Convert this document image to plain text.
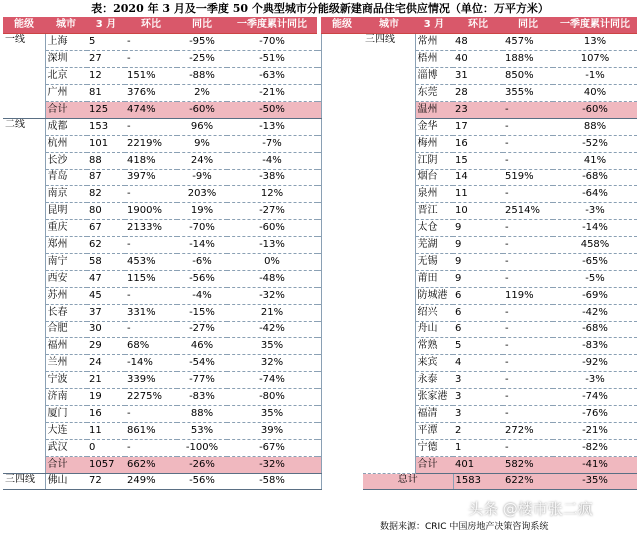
表：2020 年 3 月及一季度 50 个典型城市分能级新建商品住宅供应情况（单位：万平方米）
能级	城市	3 月	环比	同比	一季度累计同比		能级	城市	3 月	环比	同比	一季度累计同比	
一线	上海	5	-	-95%	-70%			三四线	常州	48	457%	13%	
	深圳	27	-	-25%	-51%				梧州	40	188%	107%	
	北京	12	151%	-88%	-63%				淄博	31	850%	-1%	
	广州	81	376%	2%	-21%				东莞	28	355%	40%	
	合计	125	474%	-60%	-50%				温州	23	-	-60%	
二线	成都	153	-	96%	-13%				金华	17	-	88%	
	杭州	101	2219%	9%	-7%				梅州	16	-	-52%	
	长沙	88	418%	24%	-4%				江阴	15	-	41%	
	青岛	87	397%	-9%	-38%				烟台	14	519%	-68%	
	南京	82	-	203%	12%				泉州	11	-	-64%	
	昆明	80	1900%	19%	-27%				晋江	10	2514%	-3%	
	重庆	67	2133%	-70%	-60%				太仓	9	-	-14%	
	郑州	62	-	-14%	-13%				芜湖	9	-	458%	
	南宁	58	453%	-6%	0%				无锡	9	-	-65%	
	西安	47	115%	-56%	-48%				莆田	9	-	-5%	
	苏州	45	-	-4%	-32%				防城港	6	119%	-69%	
	长春	37	331%	-15%	21%				绍兴	6	-	-42%	
	合肥	30	-	-27%	-42%				舟山	6	-	-68%	
	福州	29	68%	46%	35%				常熟	5	-	-83%	
	兰州	24	-14%	-54%	32%				来宾	4	-	-92%	
	宁波	21	339%	-77%	-74%				永泰	3	-	-3%	
	济南	19	2275%	-83%	-80%				张家港	3	-	-74%	
	厦门	16	-	88%	35%				福清	3	-	-76%	
	大连	11	861%	53%	39%				平潭	2	272%	-21%	
	武汉	0	-	-100%	-67%				宁德	1	-	-82%	
	合计	1057	662%	-26%	-32%				合计	401	582%	-41%	
三四线	佛山	72	249%	-56%	-58%			总计		1583	622%	-35%	
数据来源：CRIC 中国房地产决策咨询系统
头条 @楼市张二疯
